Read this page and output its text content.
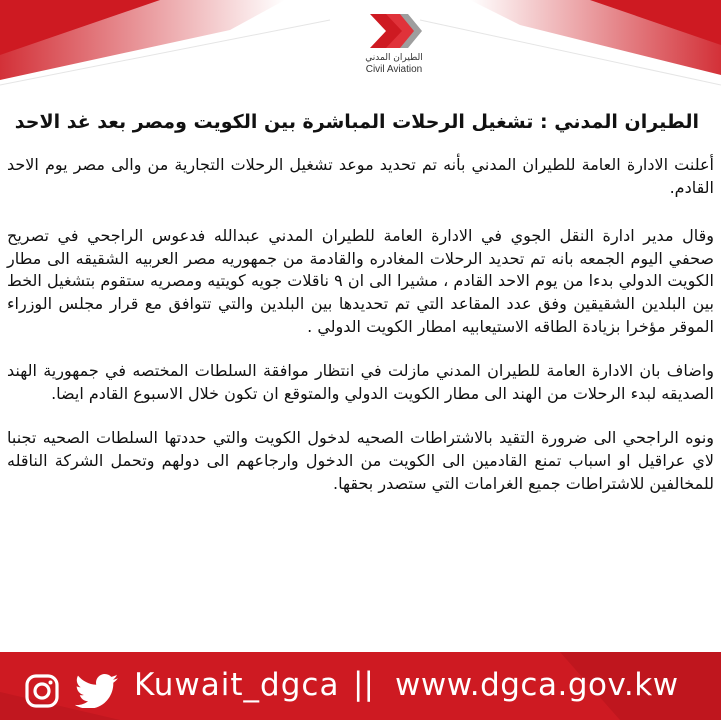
الطيران المدني
Civil Aviation
الطيران المدني : تشغيل الرحلات المباشرة بين الكويت ومصر بعد غد الاحد

أعلنت الادارة العامة للطيران المدني بأنه تم تحديد موعد تشغيل الرحلات التجارية من والى مصر يوم الاحد القادم.

وقال مدير ادارة النقل الجوي في الادارة العامة للطيران المدني عبدالله فدعوس الراجحي في تصريح صحفي اليوم الجمعه بانه تم تحديد الرحلات المغادره والقادمة من جمهوريه مصر العربيه الشقيقه الى مطار الكويت الدولي بدءا من يوم الاحد القادم ، مشيرا الى ان ٩ ناقلات جويه كويتيه ومصريه ستقوم بتشغيل الخط بين البلدين الشقيقين وفق عدد المقاعد التي تم تحديدها بين البلدين والتي تتوافق مع قرار مجلس الوزراء الموقر مؤخرا بزيادة الطاقه الاستيعابيه امطار الكويت الدولي .

واضاف بان الادارة العامة للطيران المدني مازلت في انتظار موافقة السلطات المختصه في جمهورية الهند الصديقه لبدء الرحلات من الهند الى مطار الكويت الدولي والمتوقع ان تكون خلال الاسبوع القادم ايضا.

ونوه الراجحي الى ضرورة التقيد بالاشتراطات الصحيه لدخول الكويت والتي حددتها السلطات الصحيه تجنبا لاي عراقيل او اسباب تمنع القادمين الى الكويت من الدخول وارجاعهم الى دولهم وتحمل الشركة الناقله للمخالفين للاشتراطات جميع الغرامات التي ستصدر بحقها.

Kuwait_dgca || www.dgca.gov.kw
